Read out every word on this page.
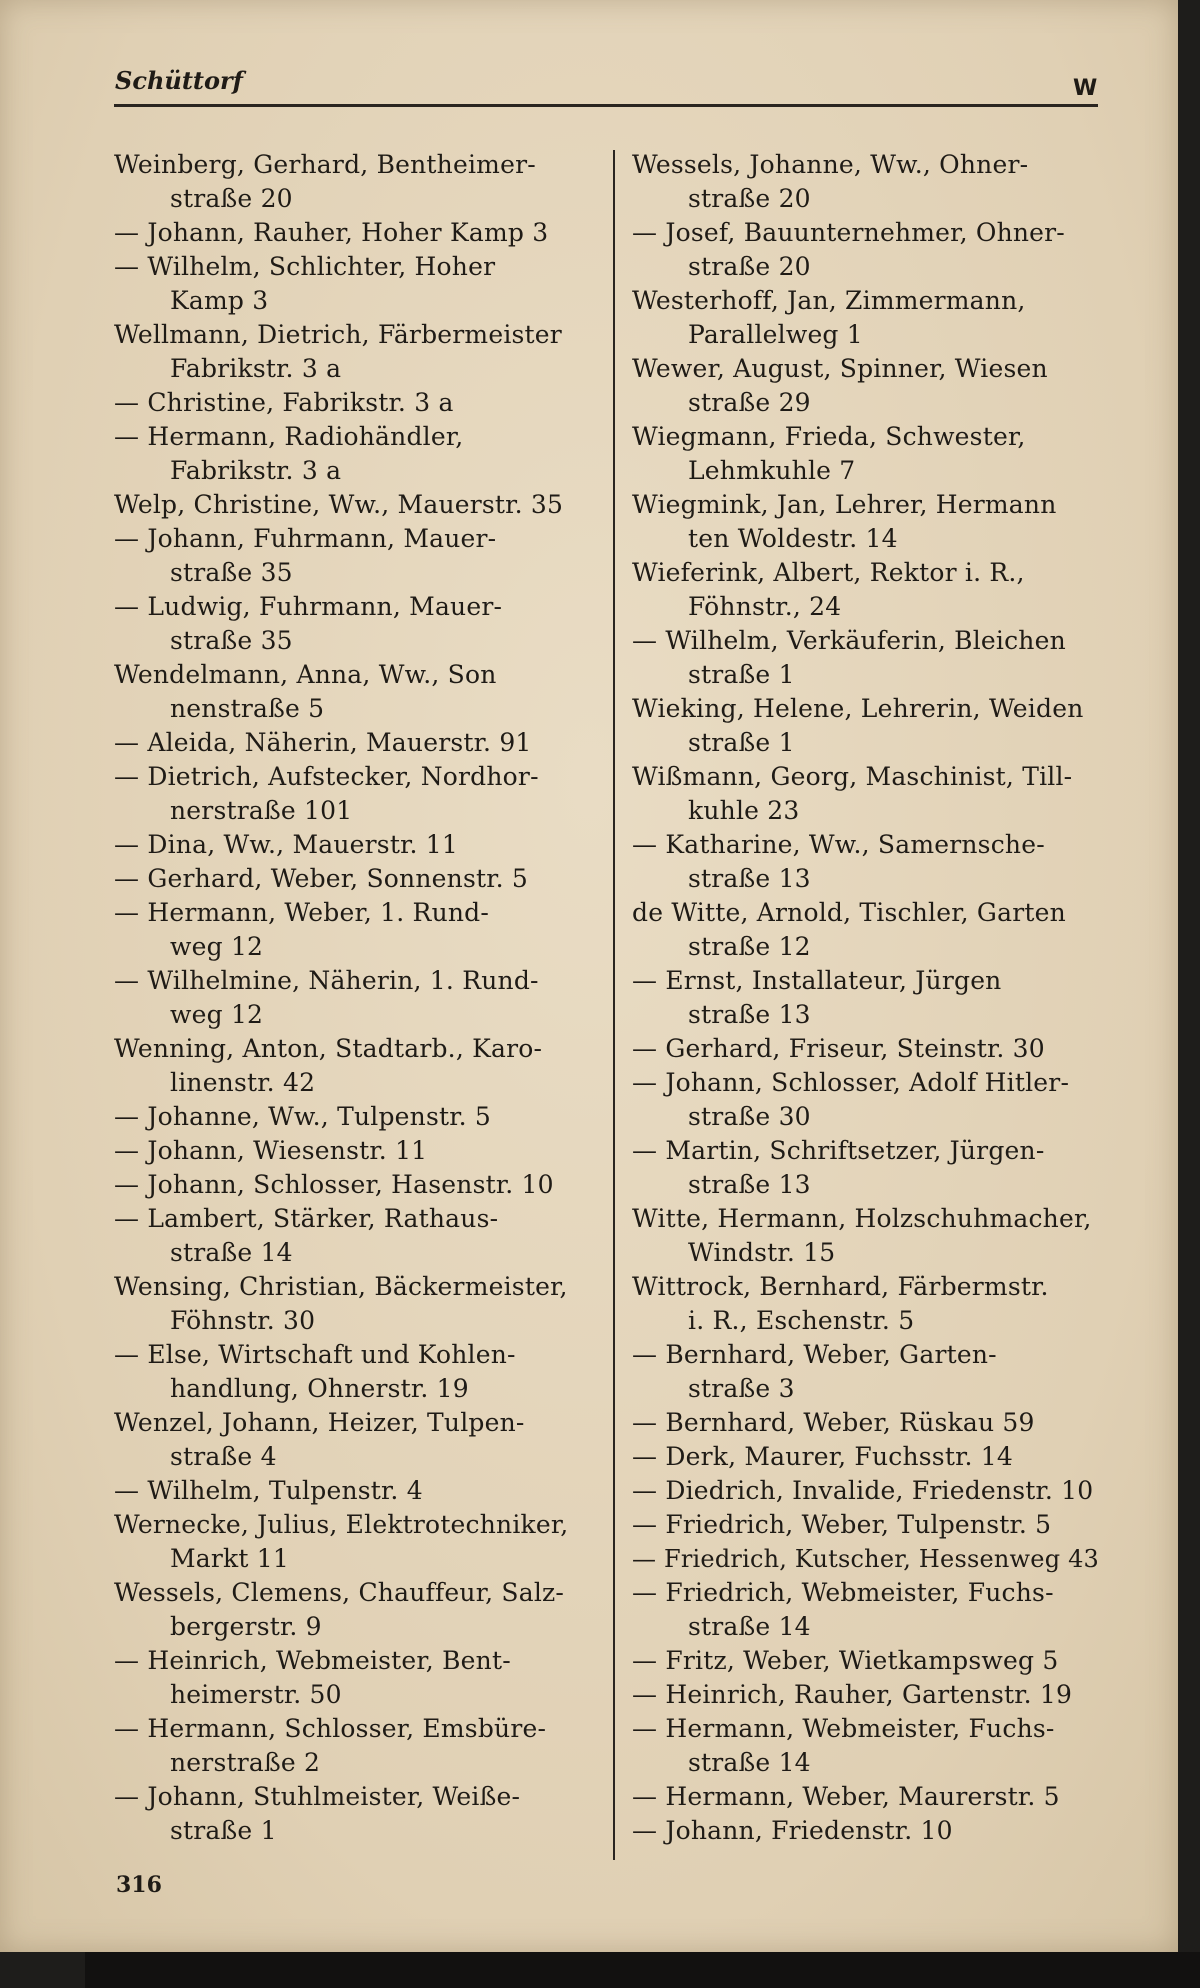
Schüttorf	W
Weinberg, Gerhard, Bentheimer-
straße 20
— Johann, Rauher, Hoher Kamp 3
— Wilhelm, Schlichter, Hoher
Kamp 3
Wellmann, Dietrich, Färbermeister
Fabrikstr. 3 a
— Christine, Fabrikstr. 3 a
— Hermann, Radiohändler,
Fabrikstr. 3 a
Welp, Christine, Ww., Mauerstr. 35
— Johann, Fuhrmann, Mauer-
straße 35
— Ludwig, Fuhrmann, Mauer-
straße 35
Wendelmann, Anna, Ww., Son
nenstraße 5
— Aleida, Näherin, Mauerstr. 91
— Dietrich, Aufstecker, Nordhor-
nerstraße 101
— Dina, Ww., Mauerstr. 11
— Gerhard, Weber, Sonnenstr. 5
— Hermann, Weber, 1. Rund-
weg 12
— Wilhelmine, Näherin, 1. Rund-
weg 12
Wenning, Anton, Stadtarb., Karo-
linenstr. 42
— Johanne, Ww., Tulpenstr. 5
— Johann, Wiesenstr. 11
— Johann, Schlosser, Hasenstr. 10
— Lambert, Stärker, Rathaus-
straße 14
Wensing, Christian, Bäckermeister,
Föhnstr. 30
— Else, Wirtschaft und Kohlen-
handlung, Ohnerstr. 19
Wenzel, Johann, Heizer, Tulpen-
straße 4
— Wilhelm, Tulpenstr. 4
Wernecke, Julius, Elektrotechniker,
Markt 11
Wessels, Clemens, Chauffeur, Salz-
bergerstr. 9
— Heinrich, Webmeister, Bent-
heimerstr. 50
— Hermann, Schlosser, Emsbüre-
nerstraße 2
— Johann, Stuhlmeister, Weiße-
straße 1
Wessels, Johanne, Ww., Ohner-
straße 20
— Josef, Bauunternehmer, Ohner-
straße 20
Westerhoff, Jan, Zimmermann,
Parallelweg 1
Wewer, August, Spinner, Wiesen
straße 29
Wiegmann, Frieda, Schwester,
Lehmkuhle 7
Wiegmink, Jan, Lehrer, Hermann
ten Woldestr. 14
Wieferink, Albert, Rektor i. R.,
Föhnstr., 24
— Wilhelm, Verkäuferin, Bleichen
straße 1
Wieking, Helene, Lehrerin, Weiden
straße 1
Wißmann, Georg, Maschinist, Till-
kuhle 23
— Katharine, Ww., Samernsche-
straße 13
de Witte, Arnold, Tischler, Garten
straße 12
— Ernst, Installateur, Jürgen
straße 13
— Gerhard, Friseur, Steinstr. 30
— Johann, Schlosser, Adolf Hitler-
straße 30
— Martin, Schriftsetzer, Jürgen-
straße 13
Witte, Hermann, Holzschuhmacher,
Windstr. 15
Wittrock, Bernhard, Färbermstr.
i. R., Eschenstr. 5
— Bernhard, Weber, Garten-
straße 3
— Bernhard, Weber, Rüskau 59
— Derk, Maurer, Fuchsstr. 14
— Diedrich, Invalide, Friedenstr. 10
— Friedrich, Weber, Tulpenstr. 5
— Friedrich, Kutscher, Hessenweg 43
— Friedrich, Webmeister, Fuchs-
straße 14
— Fritz, Weber, Wietkampsweg 5
— Heinrich, Rauher, Gartenstr. 19
— Hermann, Webmeister, Fuchs-
straße 14
— Hermann, Weber, Maurerstr. 5
— Johann, Friedenstr. 10
316
